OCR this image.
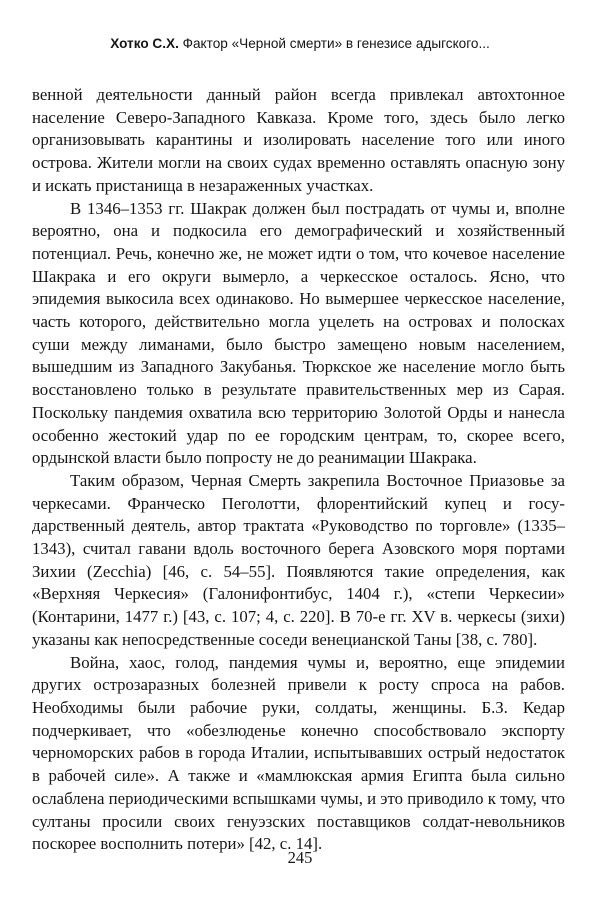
Хотко С.Х. Фактор «Черной смерти» в генезисе адыгского...

венной деятельности данный район всегда привлекал автохтонное население Северо-Западного Кавказа. Кроме того, здесь было легко организовывать карантины и изолировать население того или иного острова. Жители могли на своих судах временно оставлять опасную зону и искать пристанища в незараженных участках.

В 1346–1353 гг. Шакрак должен был пострадать от чумы и, вполне вероятно, она и подкосила его демографический и хозяйственный потенциал. Речь, конечно же, не может идти о том, что кочевое население Шакрака и его округи вымерло, а черкесское осталось. Ясно, что эпидемия выкосила всех одинаково. Но вымершее черкесское население, часть которого, действительно могла уцелеть на островах и полосках суши между лиманами, было быстро замещено новым населением, вышедшим из Западного Закубанья. Тюркское же население могло быть восстановлено только в результате правительственных мер из Сарая. Поскольку пандемия охватила всю территорию Золотой Орды и нанесла особенно жестокий удар по ее городским центрам, то, скорее всего, ордынской власти было попросту не до реанимации Шакрака.

Таким образом, Черная Смерть закрепила Восточное Приазовье за черкесами. Франческо Пеголотти, флорентийский купец и государственный деятель, автор трактата «Руководство по торговле» (1335–1343), считал гавани вдоль восточного берега Азовского моря портами Зихии (Zecchia) [46, с. 54–55]. Появляются такие определения, как «Верхняя Черкесия» (Галонифонтибус, 1404 г.), «степи Черкесии» (Контарини, 1477 г.) [43, с. 107; 4, с. 220]. В 70-е гг. XV в. черкесы (зихи) указаны как непосредственные соседи венецианской Таны [38, с. 780].

Война, хаос, голод, пандемия чумы и, вероятно, еще эпидемии других острозаразных болезней привели к росту спроса на рабов. Необходимы были рабочие руки, солдаты, женщины. Б.З. Кедар подчеркивает, что «обезлюденье конечно способствовало экспорту черноморских рабов в города Италии, испытывавших острый недостаток в рабочей силе». А также и «мамлюкская армия Египта была сильно ослаблена периодическими вспышками чумы, и это приводило к тому, что султаны просили своих генуэзских поставщиков солдат-невольников поскорее восполнить потери» [42, с. 14].

245
